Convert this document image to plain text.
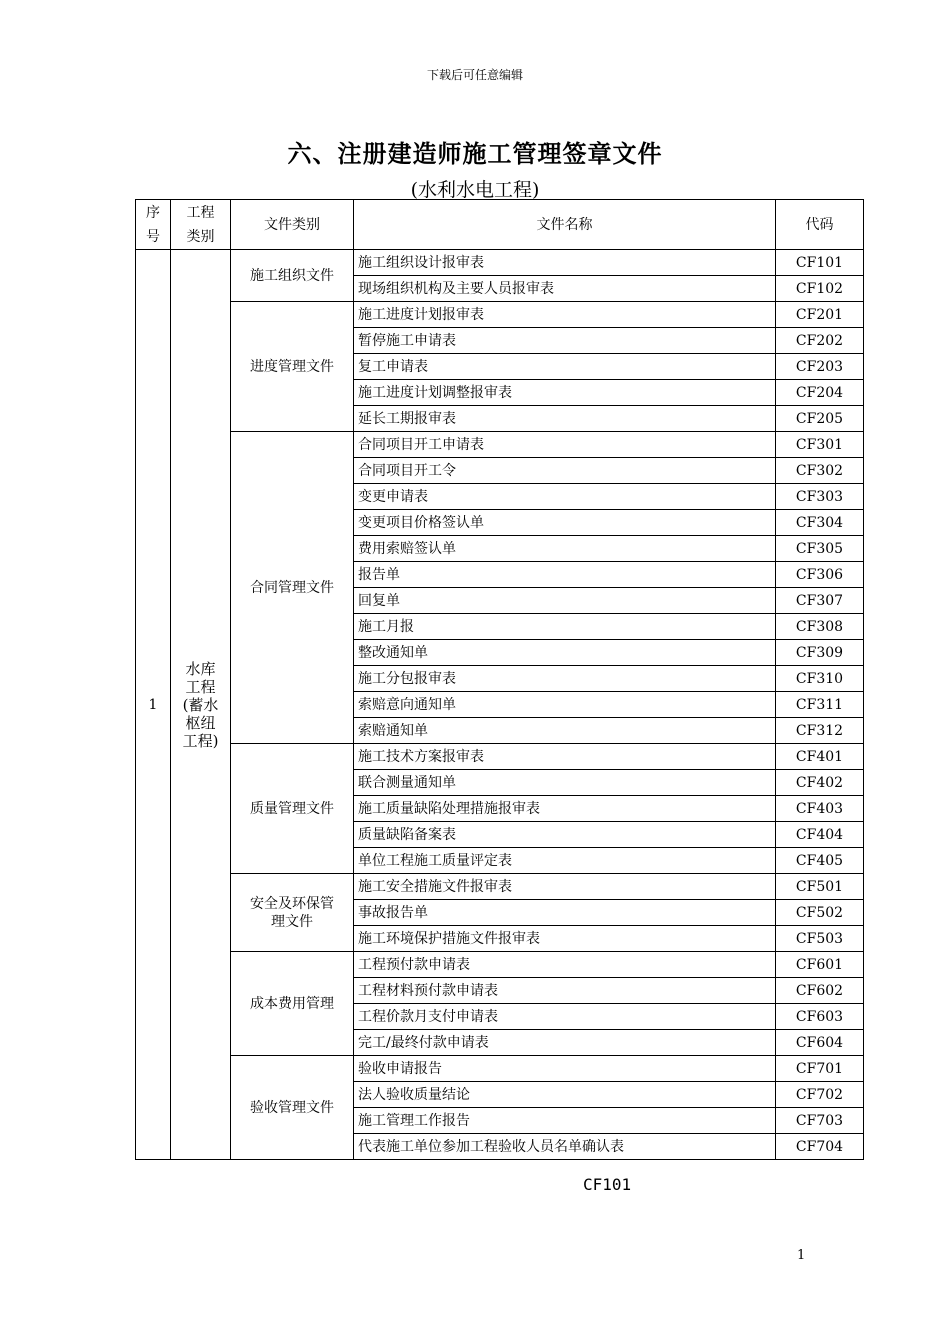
下载后可任意编辑
六、注册建造师施工管理签章文件
(水利水电工程)
序号	工程类别	文件类别	文件名称	代码
1	水库工程(蓄水枢纽工程)	施工组织文件	施工组织设计报审表	CF101
			现场组织机构及主要人员报审表	CF102
		进度管理文件	施工进度计划报审表	CF201
			暂停施工申请表	CF202
			复工申请表	CF203
			施工进度计划调整报审表	CF204
			延长工期报审表	CF205
		合同管理文件	合同项目开工申请表	CF301
			合同项目开工令	CF302
			变更申请表	CF303
			变更项目价格签认单	CF304
			费用索赔签认单	CF305
			报告单	CF306
			回复单	CF307
			施工月报	CF308
			整改通知单	CF309
			施工分包报审表	CF310
			索赔意向通知单	CF311
			索赔通知单	CF312
		质量管理文件	施工技术方案报审表	CF401
			联合测量通知单	CF402
			施工质量缺陷处理措施报审表	CF403
			质量缺陷备案表	CF404
			单位工程施工质量评定表	CF405
		安全及环保管理文件	施工安全措施文件报审表	CF501
			事故报告单	CF502
			施工环境保护措施文件报审表	CF503
		成本费用管理	工程预付款申请表	CF601
			工程材料预付款申请表	CF602
			工程价款月支付申请表	CF603
			完工/最终付款申请表	CF604
		验收管理文件	验收申请报告	CF701
			法人验收质量结论	CF702
			施工管理工作报告	CF703
			代表施工单位参加工程验收人员名单确认表	CF704
CF101
1
